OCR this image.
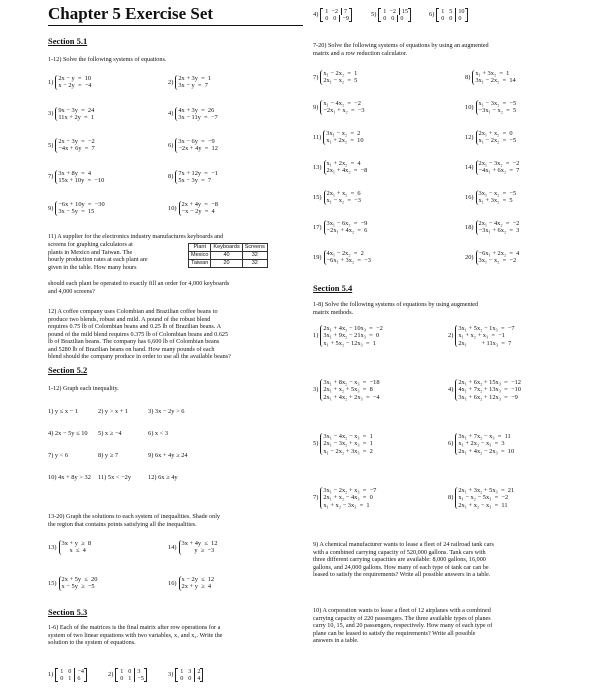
Chapter 5 Exercise Set
Section 5.1
1-12) Solve the following systems of equations.
1)2x − y  =  10
x − 2y  =  −4
2)2x + 3y  =  1
3x − y  =  7
3)9x − 3y  =  24
11x + 2y  =  1
4)4x + 3y  =  26
3x − 11y  =  −7
5)2x − 3y  =  −2
−4x + 6y  =  7
6)3x − 6y  =  −9
−2x + 4y  =  12
7)3x + 8y  =  4
15x + 10y  =  −10
8)7x + 12y  =  −1
5x − 3y  =  7
9)−6x + 10y  =  −30
3x − 5y  =  15
10)2x + 4y  =  −8
−x − 2y  =  4
11) A supplier for the electronics industry manufactures keyboards and
screens for graphing calculators at
plants in Mexico and Taiwan. The
hourly production rates at each plant are
given in the table. How many hours
Plant	Keyboards	Screens
Mexico	40	32
Taiwan	20	32
should each plant be operated to exactly fill an order for 4,000 keyboards
and 4,000 screens?
12) A coffee company uses Colombian and Brazilian coffee beans to
produce two blends, robust and mild. A pound of the robust blend
requires 0.75 lb of Colombian beans and 0.25 lb of Brazilian beans. A
pound of the mild blend requires 0.375 lb of Colombian beans and 0.625
lb of Brazilian beans. The company has 6,600 lb of Colombian beans
and 5280 lb of Brazilian beans on hand. How many pounds of each
blend should the company produce in order to use all the available beans?
Section 5.2
1-12) Graph each inequality.
1) y ≤ x − 1	2) y > x + 1	3) 3x − 2y > 6
4) 2x − 5y ≤ 10 5) x ≥ −4	6) x < 3
7) y < 6	8) y ≥ 7	9) 6x + 4y ≥ 24
10) 4x + 8y > 32 11) 5x < −2y	12) 6x ≥ 4y
13-20) Graph the solutions to each system of inequalities. Shade only
the region that contains points satisfying all the inequalities.
13)3x + y  ≥  8
x  ≤  4
14)3x + 4y  ≤  12
y  ≥  −3
15)2x + 5y  ≤  20
x − 5y  ≥  −5
16)x − 2y  ≤  12
2x + y  ≥  4
Section 5.3
1-6) Each of the matrices is the final matrix after row operations for a
system of two linear equations with two variables, x₁ and x₂. Write the
solution to the system of equations.
1)	1 0 −4
0 1 6
2)	1 0 3
0 1 −5
3)	1 3 2
0 0 4
4)	1 −2 7
0 0 −9
5)	1 −2 15
0 0 0
6)	1 5 10
0 0 0
7-20) Solve the following systems of equations by using an augmented
matrix and a row reduction calculator.
7)x₁ − 2x₂  =  1
2x₁ − x₂  =  5
8)x₁ + 3x₂  =  1
3x₁ − 2x₂  =  14
9)x₁ − 4x₂  =  −2
−2x₁ + x₂  =  −3
10)x₁ − 3x₂  =  −5
−3x₁ − x₂  =  5
11)3x₁ − x₂  =  2
x₁ + 2x₂  =  10
12)2x₁ + x₂  =  0
x₁ − 2x₂  =  −5
13)x₁ + 2x₂  =  4
2x₁ + 4x₂  =  −8
14)2x₁ − 3x₂  =  −2
−4x₁ + 6x₂  =  7
15)2x₁ + x₂  =  6
x₁ − x₂  =  −3
16)3x₁ − x₂  =  −5
x₁ + 3x₂  =  5
17)3x₁ − 6x₂  =  −9
−2x₁ + 4x₂  =  6
18)2x₁ − 4x₂  =  −2
−3x₁ + 6x₂  =  3
19)4x₁ − 2x₂  =  2
−6x₁ + 3x₂  =  −3
20)−6x₁ + 2x₂  =  4
3x₁ − x₂  =  −2
Section 5.4
1-8) Solve the following systems of equations by using augmented
matrix methods.
1)2x₁ + 4x₂ − 10x₃  =  −2
3x₁ + 9x₂ − 21x₃  =  0
x₁ + 5x₂ − 12x₃  =  1
2)3x₁ + 5x₂ − 1x₃  =  −7
x₁ + x₂ + x₃  =  −1
2x₁         + 11x₃  =  7
3)3x₁ + 8x₂ − x₃  =  −18
2x₁ + x₂ + 5x₃  =  8
2x₁ + 4x₂ + 2x₃  =  −4
4)2x₁ + 6x₂ + 15x₃  =  −12
4x₁ + 7x₂ + 13x₃  =  −10
3x₁ + 6x₂ + 12x₃  =  −9
5)3x₁ − 4x₂ − x₃  =  1
2x₁ − 3x₂ + x₃  =  1
x₁ − 2x₂ + 3x₃  =  2
6)3x₁ + 7x₂ − x₃  =  11
x₁ + 2x₂ − x₃  =  3
2x₁ + 4x₂ − 2x₃  =  10
7)3x₁ − 2x₂ + x₃  =  −7
2x₁ + x₂ − 4x₃  =  0
x₁ + x₂ − 3x₃  =  1
8)2x₁ + 3x₂ + 5x₃  =  21
x₁ − x₂ − 5x₃  =  −2
2x₁ + x₂ − x₃  =  11
9) A chemical manufacturer wants to lease a fleet of 24 railroad tank cars
with a combined carrying capacity of 520,000 gallons. Tank cars with
three different carrying capacities are available: 8,000 gallons, 16,000
gallons, and 24,000 gallons. How many of each type of tank car can be
leased to satisfy the requirements? Write all possible answers in a table.
10) A corporation wants to lease a fleet of 12 airplanes with a combined
carrying capacity of 220 passengers. The three available types of planes
carry 10, 15, and 20 passengers, respectively. How many of each type of
plane can be leased to satisfy the requirements? Write all possible
answers in a table.
